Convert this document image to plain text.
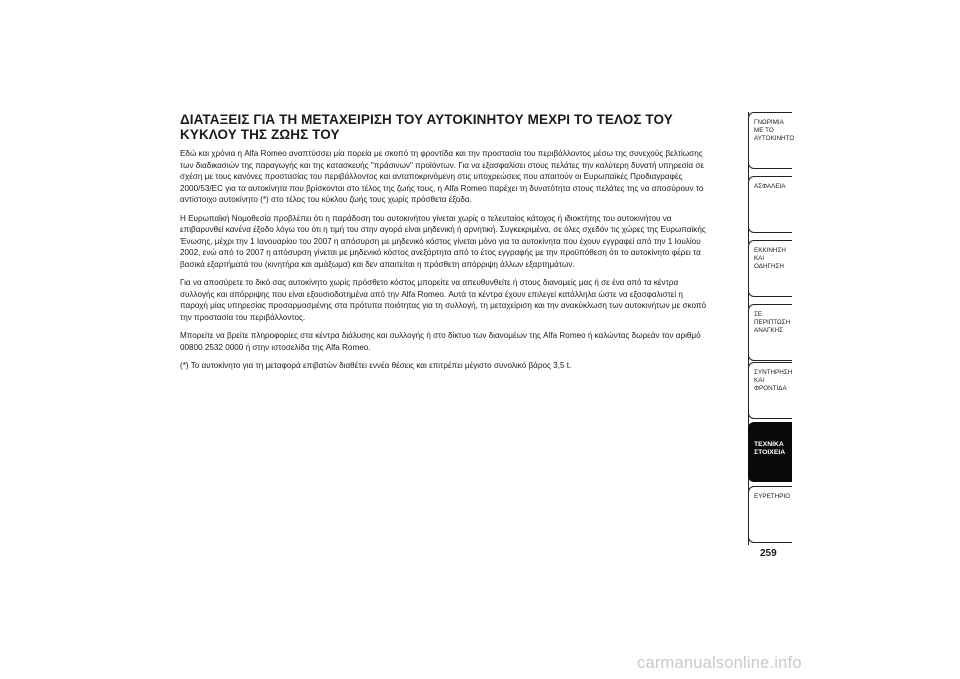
ΔΙΑΤΑΞΕΙΣ ΓΙΑ ΤΗ ΜΕΤΑΧΕΙΡΙΣΗ ΤΟΥ ΑΥΤΟΚΙΝΗΤΟΥ ΜΕΧΡΙ ΤΟ ΤΕΛΟΣ ΤΟΥ ΚΥΚΛΟΥ ΤΗΣ ΖΩΗΣ ΤΟΥ

Εδώ και χρόνια η Alfa Romeo αναπτύσσει μία πορεία με σκοπό τη φροντίδα και την προστασία του περιβάλλοντος μέσω της συνεχούς βελτίωσης των διαδικασιών της παραγωγής και της κατασκευής "πράσινων" προϊόντων. Για να εξασφαλίσει στους πελάτες την καλύτερη δυνατή υπηρεσία σε σχέση με τους κανόνες προστασίας του περιβάλλοντος και ανταποκρινόμενη στις υποχρεώσεις που απαιτούν οι Ευρωπαϊκές Προδιαγραφές 2000/53/EC για τα αυτοκίνητα που βρίσκονται στο τέλος της ζωής τους, η Alfa Romeo παρέχει τη δυνατότητα στους πελάτες της να αποσύρουν το αντίστοιχο αυτοκίνητο (*) στο τέλος του κύκλου ζωής τους χωρίς πρόσθετα έξοδα.

Η Ευρωπαϊκή Νομοθεσία προβλέπει ότι η παράδοση του αυτοκινήτου γίνεται χωρίς ο τελευταίος κάτοχος ή ιδιοκτήτης του αυτοκινήτου να επιβαρυνθεί κανένα έξοδο λόγω του ότι η τιμή του στην αγορά είναι μηδενική ή αρνητική. Συγκεκριμένα, σε όλες σχεδόν τις χώρες της Ευρωπαϊκής Ένωσης, μέχρι την 1 Ιανουαρίου του 2007 η απόσυρση με μηδενικό κόστος γίνεται μόνο για τα αυτοκίνητα που έχουν εγγραφεί από την 1 Ιουλίου 2002, ενώ από το 2007 η απόσυρση γίνεται με μηδενικό κόστος ανεξάρτητα από το έτος εγγραφής με την προϋπόθεση ότι το αυτοκίνητο φέρει τα βασικά εξαρτήματά του (κινητήρα και αμάξωμα) και δεν απαιτείται η πρόσθετη απόρριψη άλλων εξαρτημάτων.

Για να αποσύρετε το δικό σας αυτοκίνητο χωρίς πρόσθετο κόστος μπορείτε να απευθυνθείτε ή στους διανομείς μας ή σε ένα από τα κέντρα συλλογής και απόρριψης που είναι εξουσιοδοτημένα από την Alfa Romeo. Αυτά τα κέντρα έχουν επιλεγεί κατάλληλα ώστε να εξασφαλιστεί η παροχή μίας υπηρεσίας προσαρμοσμένης στα πρότυπα ποιότητας για τη συλλογή, τη μεταχείριση και την ανακύκλωση των αυτοκινήτων με σκοπό την προστασία του περιβάλλοντος.

Μπορείτε να βρείτε πληροφορίες στα κέντρα διάλυσης και συλλογής ή στο δίκτυο των διανομέων της Alfa Romeo ή καλώντας δωρεάν τον αριθμό 00800 2532 0000 ή στην ιστοσελίδα της Alfa Romeo.

(*) Το αυτοκίνητο για τη μεταφορά επιβατών διαθέτει εννέα θέσεις και επιτρέπει μέγιστο συνολικό βάρος 3,5 t.

ΓΝΩΡΙΜΙΑ ΜΕ ΤΟ ΑΥΤΟΚΙΝΗΤΟ
ΑΣΦΑΛΕΙΑ
ΕΚΚΙΝΗΣΗ ΚΑΙ ΟΔΗΓΗΣΗ
ΣΕ ΠΕΡΙΠΤΩΣΗ ΑΝΑΓΚΗΣ
ΣΥΝΤΗΡΗΣΗ ΚΑΙ ΦΡΟΝΤΙΔΑ
ΤΕΧΝΙΚΑ ΣΤΟΙΧΕΙΑ
ΕΥΡΕΤΗΡΙΟ
259
carmanualsonline.info
